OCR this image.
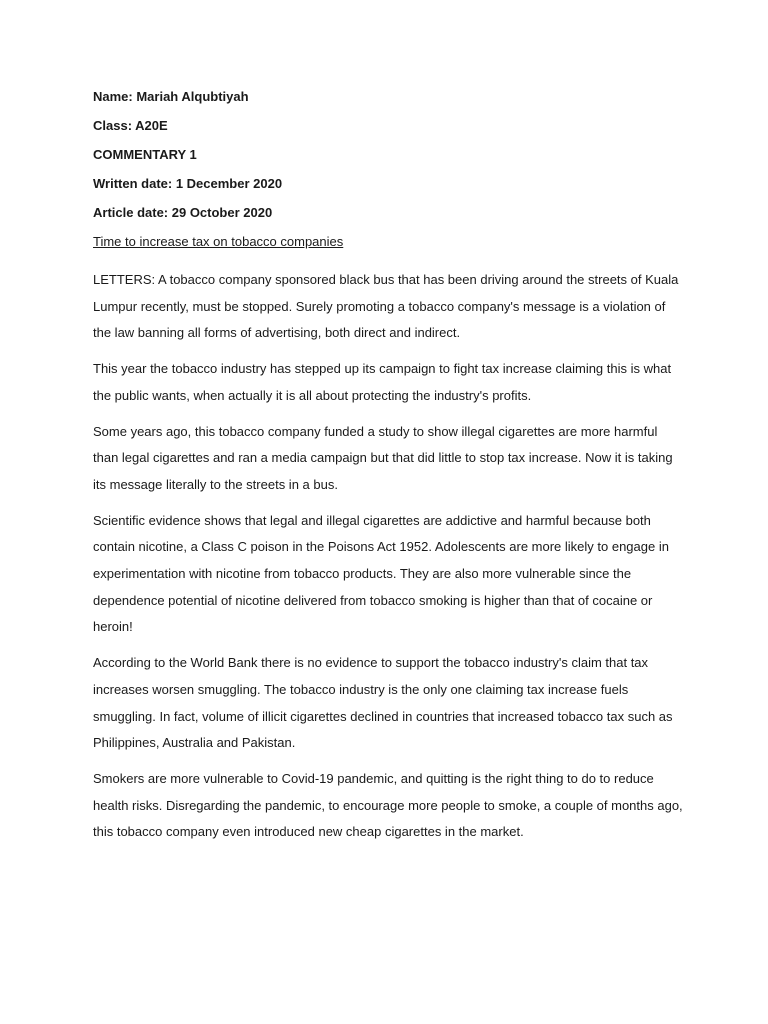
Name: Mariah Alqubtiyah
Class: A20E
COMMENTARY 1
Written date: 1 December 2020
Article date: 29 October 2020
Time to increase tax on tobacco companies

LETTERS: A tobacco company sponsored black bus that has been driving around the streets of Kuala Lumpur recently, must be stopped. Surely promoting a tobacco company's message is a violation of the law banning all forms of advertising, both direct and indirect.

This year the tobacco industry has stepped up its campaign to fight tax increase claiming this is what the public wants, when actually it is all about protecting the industry's profits.

Some years ago, this tobacco company funded a study to show illegal cigarettes are more harmful than legal cigarettes and ran a media campaign but that did little to stop tax increase. Now it is taking its message literally to the streets in a bus.

Scientific evidence shows that legal and illegal cigarettes are addictive and harmful because both contain nicotine, a Class C poison in the Poisons Act 1952. Adolescents are more likely to engage in experimentation with nicotine from tobacco products. They are also more vulnerable since the dependence potential of nicotine delivered from tobacco smoking is higher than that of cocaine or heroin!

According to the World Bank there is no evidence to support the tobacco industry's claim that tax increases worsen smuggling. The tobacco industry is the only one claiming tax increase fuels smuggling. In fact, volume of illicit cigarettes declined in countries that increased tobacco tax such as Philippines, Australia and Pakistan.

Smokers are more vulnerable to Covid-19 pandemic, and quitting is the right thing to do to reduce health risks. Disregarding the pandemic, to encourage more people to smoke, a couple of months ago, this tobacco company even introduced new cheap cigarettes in the market.
